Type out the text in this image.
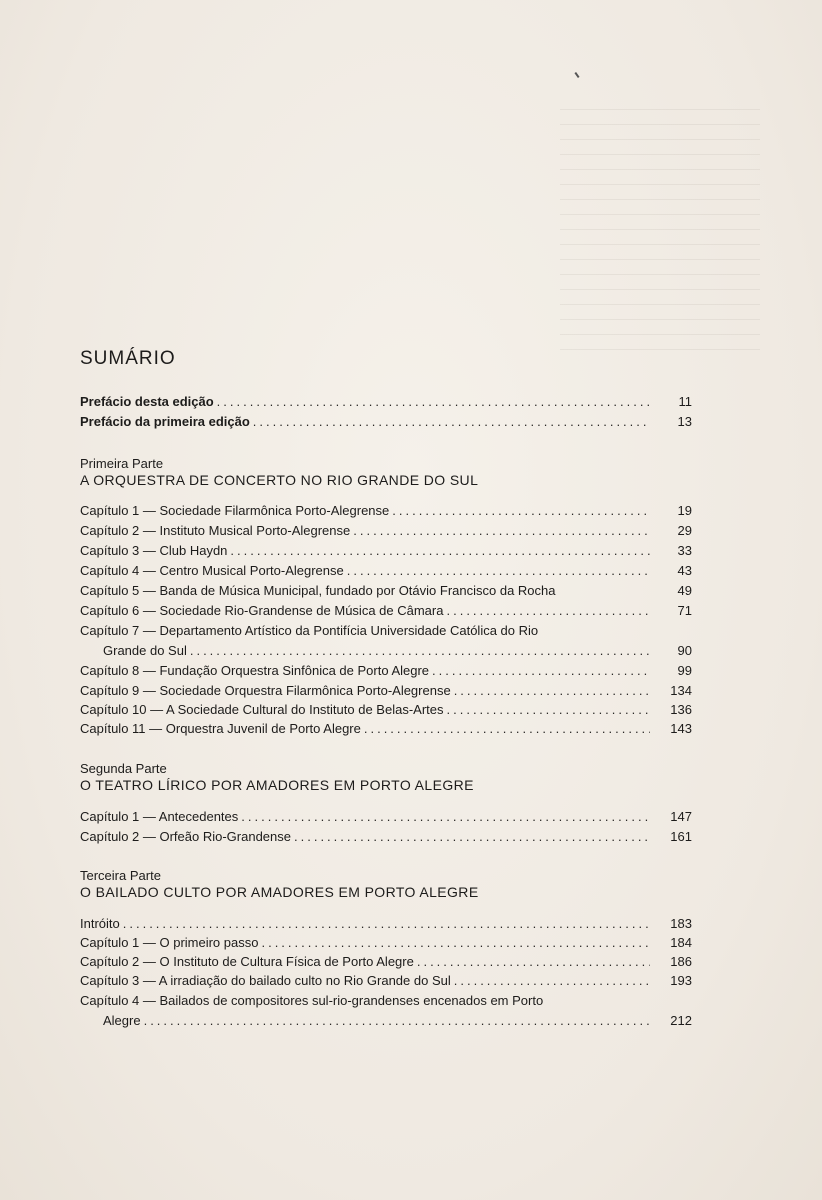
SUMÁRIO
Prefácio desta edição .....	11
Prefácio da primeira edição .....	13
Primeira Parte
A ORQUESTRA DE CONCERTO NO RIO GRANDE DO SUL
Capítulo 1 — Sociedade Filarmônica Porto-Alegrense .....	19
Capítulo 2 — Instituto Musical Porto-Alegrense .....	29
Capítulo 3 — Club Haydn .....	33
Capítulo 4 — Centro Musical Porto-Alegrense .....	43
Capítulo 5 — Banda de Música Municipal, fundado por Otávio Francisco da Rocha	49
Capítulo 6 — Sociedade Rio-Grandense de Música de Câmara .....	71
Capítulo 7 — Departamento Artístico da Pontifícia Universidade Católica do Rio
Grande do Sul .....	90
Capítulo 8 — Fundação Orquestra Sinfônica de Porto Alegre .....	99
Capítulo 9 — Sociedade Orquestra Filarmônica Porto-Alegrense .....	134
Capítulo 10 — A Sociedade Cultural do Instituto de Belas-Artes .....	136
Capítulo 11 — Orquestra Juvenil de Porto Alegre .....	143
Segunda Parte
O TEATRO LÍRICO POR AMADORES EM PORTO ALEGRE
Capítulo 1 — Antecedentes .....	147
Capítulo 2 — Orfeão Rio-Grandense .....	161
Terceira Parte
O BAILADO CULTO POR AMADORES EM PORTO ALEGRE
Intróito .....	183
Capítulo 1 — O primeiro passo .....	184
Capítulo 2 — O Instituto de Cultura Física de Porto Alegre .....	186
Capítulo 3 — A irradiação do bailado culto no Rio Grande do Sul .....	193
Capítulo 4 — Bailados de compositores sul-rio-grandenses encenados em Porto
Alegre .....	212
